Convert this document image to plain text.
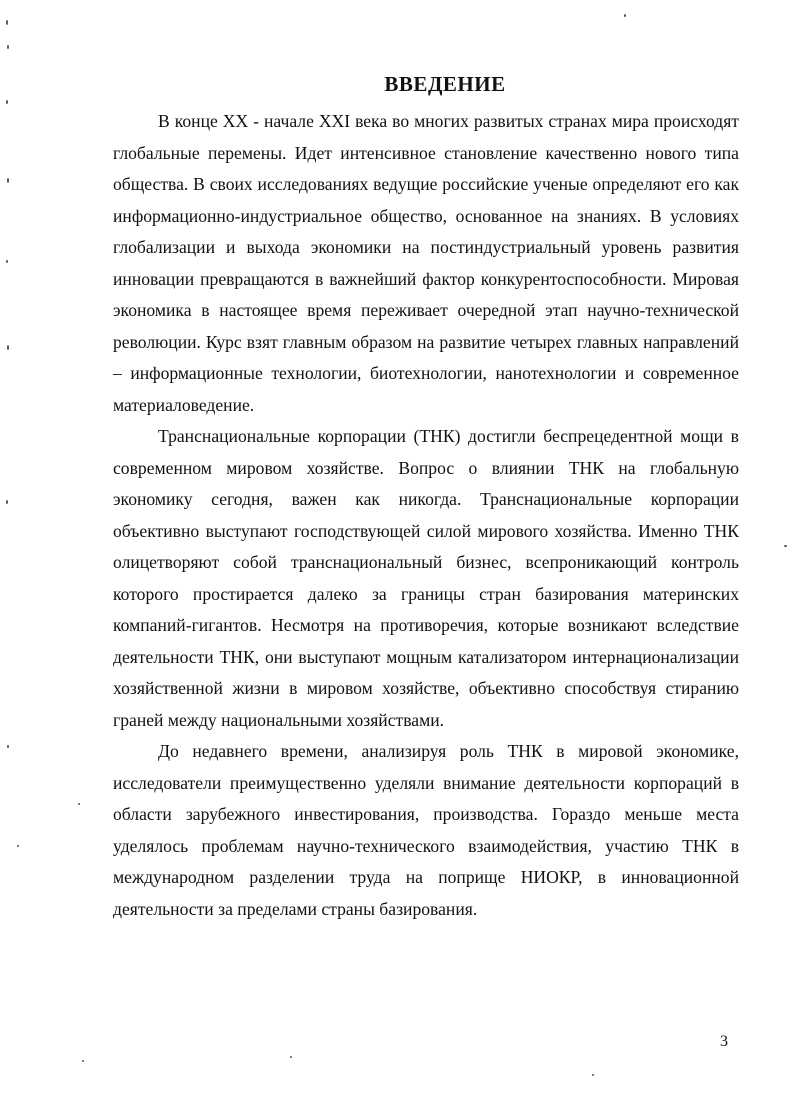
ВВЕДЕНИЕ

В конце XX - начале XXI века во многих развитых странах мира происходят глобальные перемены. Идет интенсивное становление качественно нового типа общества. В своих исследованиях ведущие российские ученые определяют его как информационно-индустриальное общество, основанное на знаниях. В условиях глобализации и выхода экономики на постиндустриальный уровень развития инновации превращаются в важнейший фактор конкурентоспособности. Мировая экономика в настоящее время переживает очередной этап научно-технической революции. Курс взят главным образом на развитие четырех главных направлений – информационные технологии, биотехнологии, нанотехнологии и современное материаловедение.

Транснациональные корпорации (ТНК) достигли беспрецедентной мощи в современном мировом хозяйстве. Вопрос о влиянии ТНК на глобальную экономику сегодня, важен как никогда. Транснациональные корпорации объективно выступают господствующей силой мирового хозяйства. Именно ТНК олицетворяют собой транснациональный бизнес, всепроникающий контроль которого простирается далеко за границы стран базирования материнских компаний-гигантов. Несмотря на противоречия, которые возникают вследствие деятельности ТНК, они выступают мощным катализатором интернационализации хозяйственной жизни в мировом хозяйстве, объективно способствуя стиранию граней между национальными хозяйствами.

До недавнего времени, анализируя роль ТНК в мировой экономике, исследователи преимущественно уделяли внимание деятельности корпораций в области зарубежного инвестирования, производства. Гораздо меньше места уделялось проблемам научно-технического взаимодействия, участию ТНК в международном разделении труда на поприще НИОКР, в инновационной деятельности за пределами страны базирования.

3
